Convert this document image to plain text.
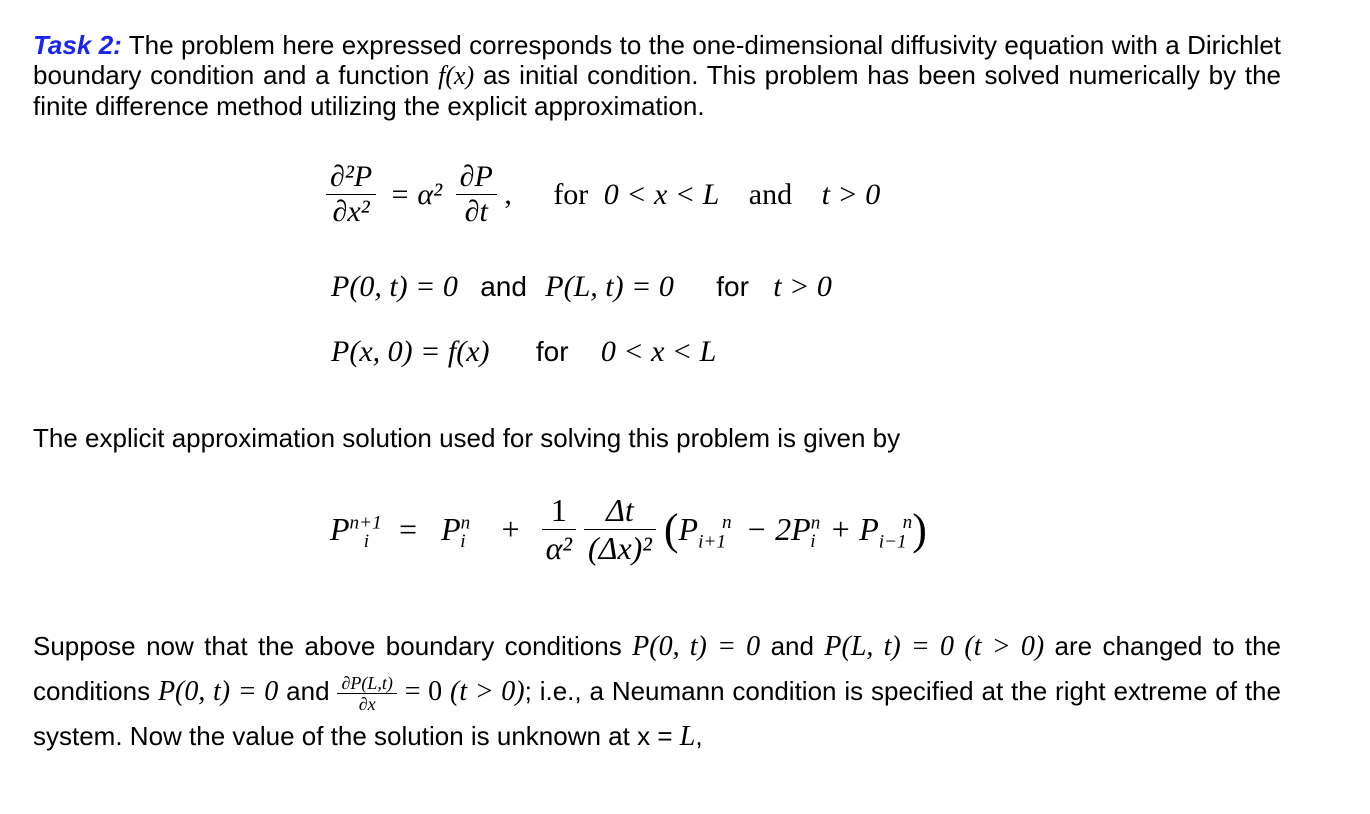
Task 2: The problem here expressed corresponds to the one-dimensional diffusivity equation with a Dirichlet boundary condition and a function f(x) as initial condition. This problem has been solved numerically by the finite difference method utilizing the explicit approximation.
$\frac{\text{∂²P}}{\text{∂x²}} = \alpha^2 \frac{\partial P}{\partial t}$ , for 0 < x < L and t > 0
P(0, t) = 0 and P(L, t) = 0 for t > 0
P(x, 0) = f(x) for 0 < x < L
The explicit approximation solution used for solving this problem is given by
$P^{n+1}_i = P^n_i + \frac{1}{\text{α²}}$
$\frac{\Delta t}{\text{(Δx)²}} (P_{i+1}^n - 2P^n_i + P_{i-1}^n)$
Suppose now that the above boundary conditions P(0, t) = 0 and P(L, t) = 0 (t > 0) are changed to the conditions P(0, t) = 0 and $\frac{\partial P(L,t)}{\partial x} = 0$ (t > 0); i.e., a Neumann condition is specified at the right extreme of the system. Now the value of the solution is unknown at x = L,
